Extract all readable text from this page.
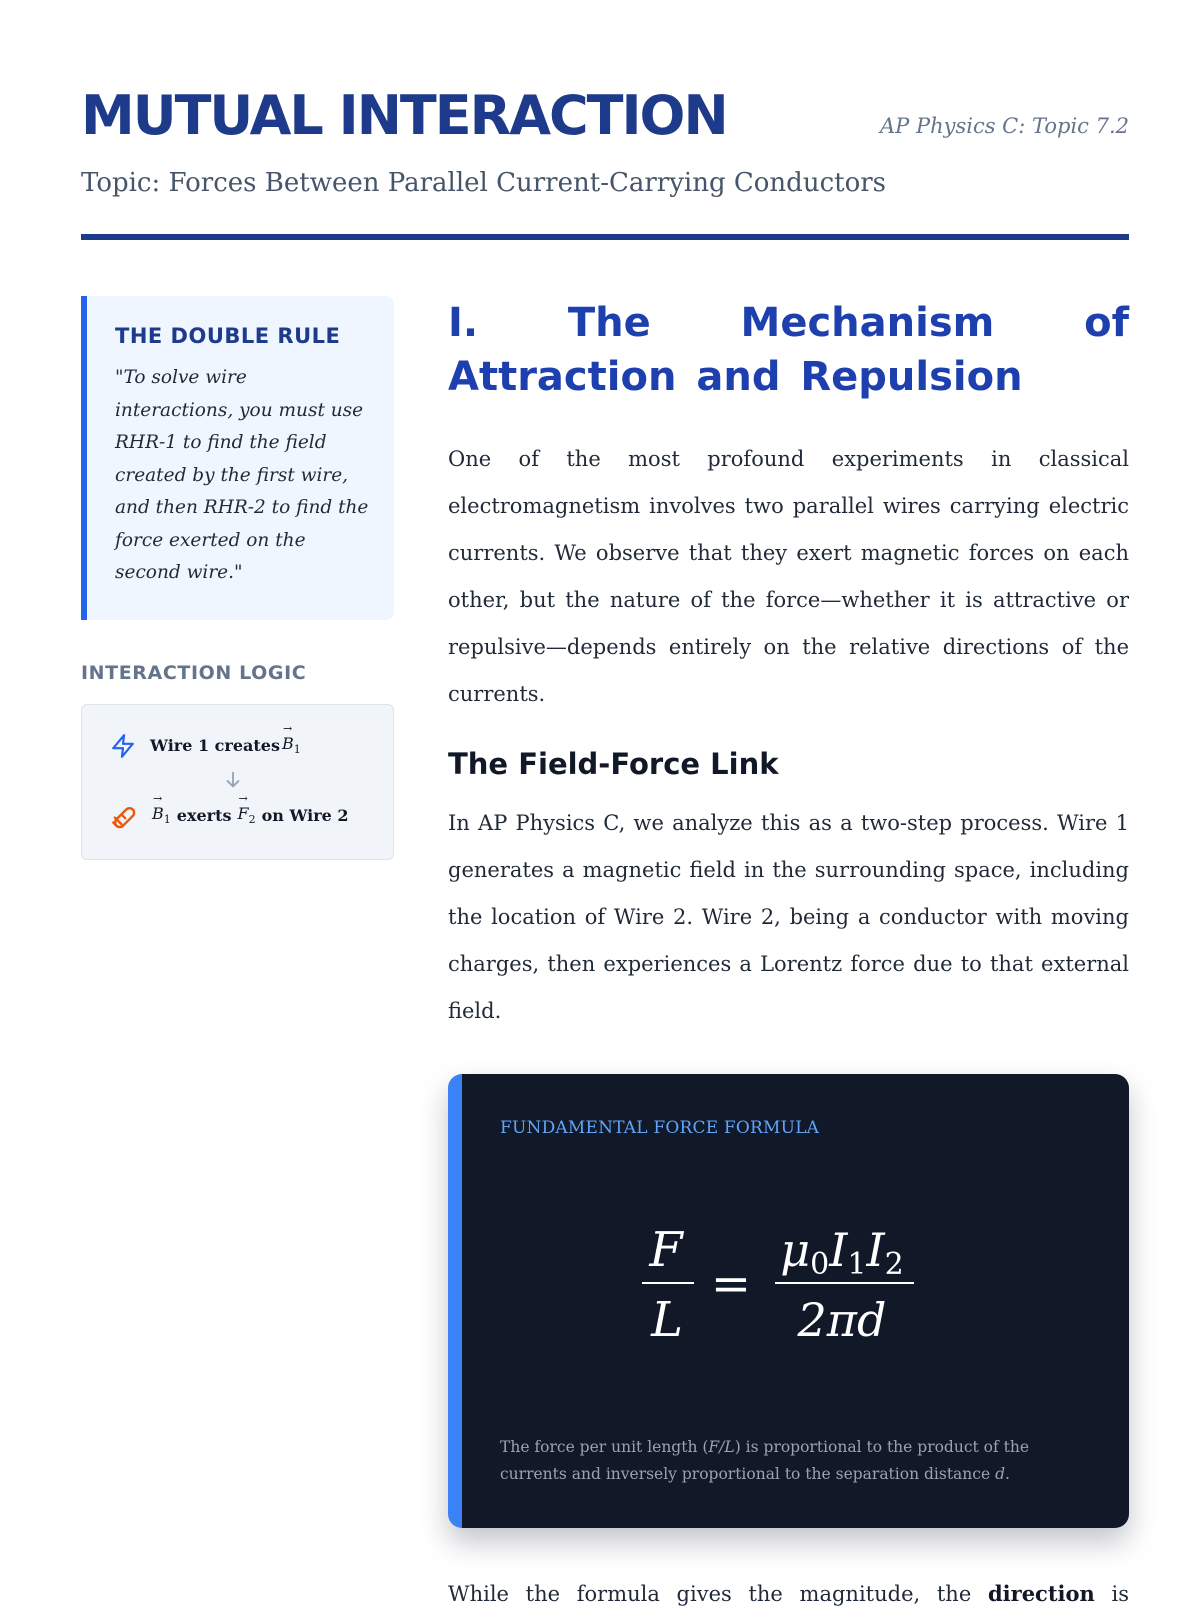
MUTUAL INTERACTION	AP Physics C: Topic 7.2
Topic: Forces Between Parallel Current-Carrying Conductors
THE DOUBLE RULE

"To solve wire interactions, you must use RHR-1 to find the field created by the first wire, and then RHR-2 to find the force exerted on the second wire."

INTERACTION LOGIC
Wire 1 creates
→
$B_1$
→
$B_1$ exerts
→
$F_2$ on Wire 2
I. The Mechanism of Attraction and Repulsion

One of the most profound experiments in classical electromagnetism involves two parallel wires carrying electric currents. We observe that they exert magnetic forces on each other, but the nature of the force—whether it is attractive or repulsive—depends entirely on the relative directions of the currents.

The Field-Force Link

In AP Physics C, we analyze this as a two-step process. Wire 1 generates a magnetic field in the surrounding space, including the location of Wire 2. Wire 2, being a conductor with moving charges, then experiences a Lorentz force due to that external field.

FUNDAMENTAL FORCE FORMULA
F
L
=
μ0I1I2
2πd

The force per unit length (F/L) is proportional to the product of the currents and inversely proportional to the separation distance d.

While the formula gives the magnitude, the direction is
